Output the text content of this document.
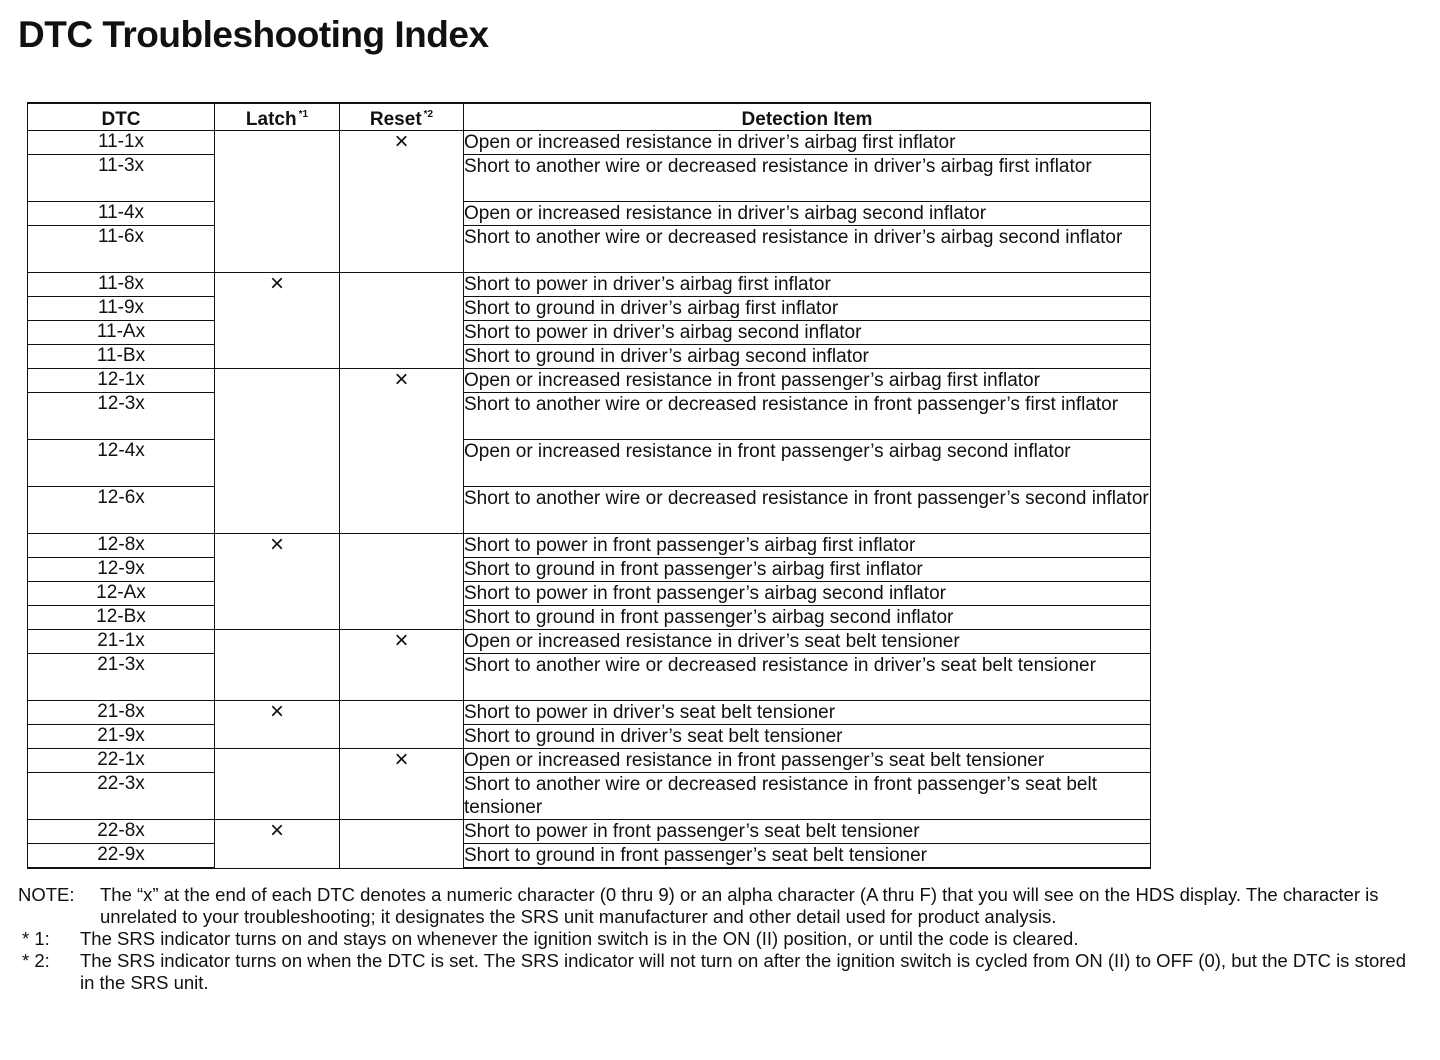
DTC Troubleshooting Index
DTC	Latch $^{*1}$	Reset $^{*2}$	Detection Item
11-1x		×	Open or increased resistance in driver’s airbag first inflator
11-3x			Short to another wire or decreased resistance in driver’s airbag first inflator
11-4x			Open or increased resistance in driver’s airbag second inflator
11-6x			Short to another wire or decreased resistance in driver’s airbag second inflator
11-8x	×		Short to power in driver’s airbag first inflator
11-9x			Short to ground in driver’s airbag first inflator
11-Ax			Short to power in driver’s airbag second inflator
11-Bx			Short to ground in driver’s airbag second inflator
12-1x		×	Open or increased resistance in front passenger’s airbag first inflator
12-3x			Short to another wire or decreased resistance in front passenger’s first inflator
12-4x			Open or increased resistance in front passenger’s airbag second inflator
12-6x			Short to another wire or decreased resistance in front passenger’s second inflator
12-8x	×		Short to power in front passenger’s airbag first inflator
12-9x			Short to ground in front passenger’s airbag first inflator
12-Ax			Short to power in front passenger’s airbag second inflator
12-Bx			Short to ground in front passenger’s airbag second inflator
21-1x		×	Open or increased resistance in driver’s seat belt tensioner
21-3x			Short to another wire or decreased resistance in driver’s seat belt tensioner
21-8x	×		Short to power in driver’s seat belt tensioner
21-9x			Short to ground in driver’s seat belt tensioner
22-1x		×	Open or increased resistance in front passenger’s seat belt tensioner
22-3x			Short to another wire or decreased resistance in front passenger’s seat belt tensioner
22-8x	×		Short to power in front passenger’s seat belt tensioner
22-9x			Short to ground in front passenger’s seat belt tensioner
NOTE:	The “x” at the end of each DTC denotes a numeric character (0 thru 9) or an alpha character (A thru F) that you will see on the HDS display. The character is unrelated to your troubleshooting; it designates the SRS unit manufacturer and other detail used for product analysis.
* 1:	The SRS indicator turns on and stays on whenever the ignition switch is in the ON (II) position, or until the code is cleared.
* 2:	The SRS indicator turns on when the DTC is set. The SRS indicator will not turn on after the ignition switch is cycled from ON (II) to OFF (0), but the DTC is stored in the SRS unit.
